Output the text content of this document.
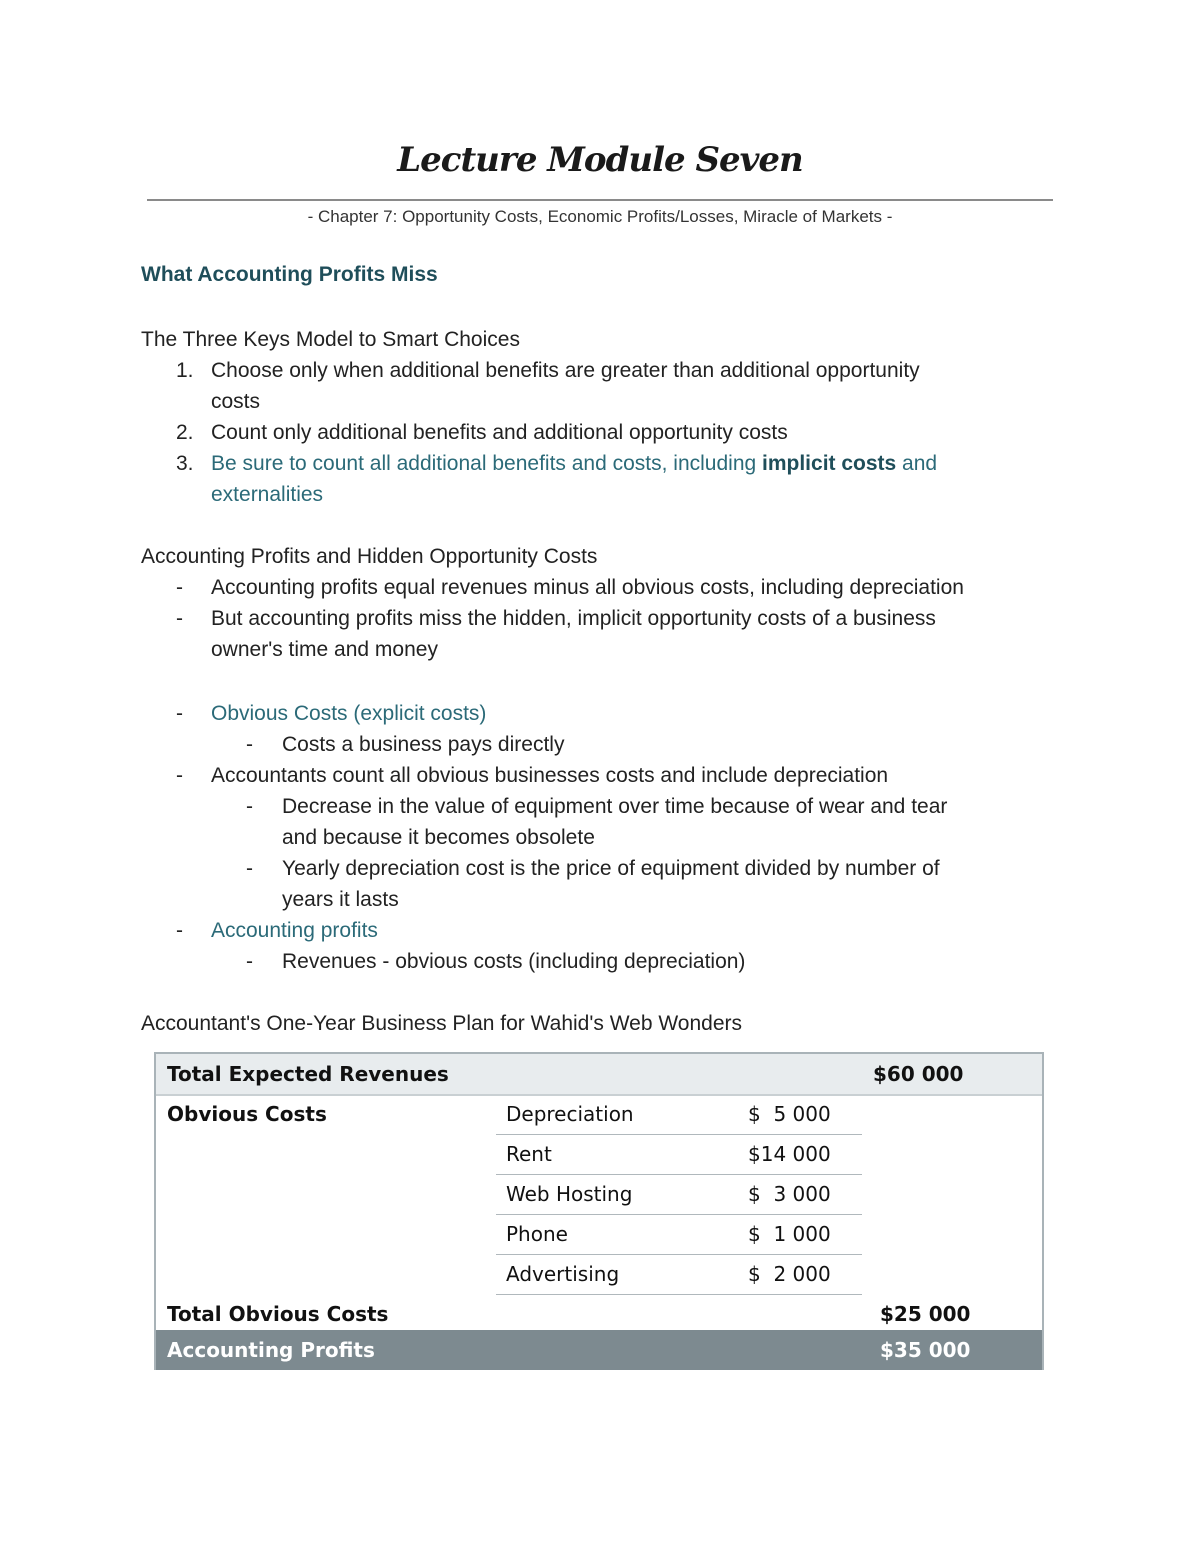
Lecture Module Seven
- Chapter 7: Opportunity Costs, Economic Profits/Losses, Miracle of Markets -
What Accounting Profits Miss
The Three Keys Model to Smart Choices
1. Choose only when additional benefits are greater than additional opportunity
costs
2. Count only additional benefits and additional opportunity costs
3. Be sure to count all additional benefits and costs, including implicit costs and
externalities
Accounting Profits and Hidden Opportunity Costs
- Accounting profits equal revenues minus all obvious costs, including depreciation
- But accounting profits miss the hidden, implicit opportunity costs of a business
owner's time and money
- Obvious Costs (explicit costs)
- Costs a business pays directly
- Accountants count all obvious businesses costs and include depreciation
- Decrease in the value of equipment over time because of wear and tear
and because it becomes obsolete
- Yearly depreciation cost is the price of equipment divided by number of
years it lasts
- Accounting profits
- Revenues - obvious costs (including depreciation)
Accountant's One-Year Business Plan for Wahid's Web Wonders
Total Expected Revenues	$60 000
Obvious Costs	Depreciation	$  5 000
Rent	$14 000
Web Hosting	$  3 000
Phone	$  1 000
Advertising	$  2 000
Total Obvious Costs	$25 000
Accounting Profits	$35 000
